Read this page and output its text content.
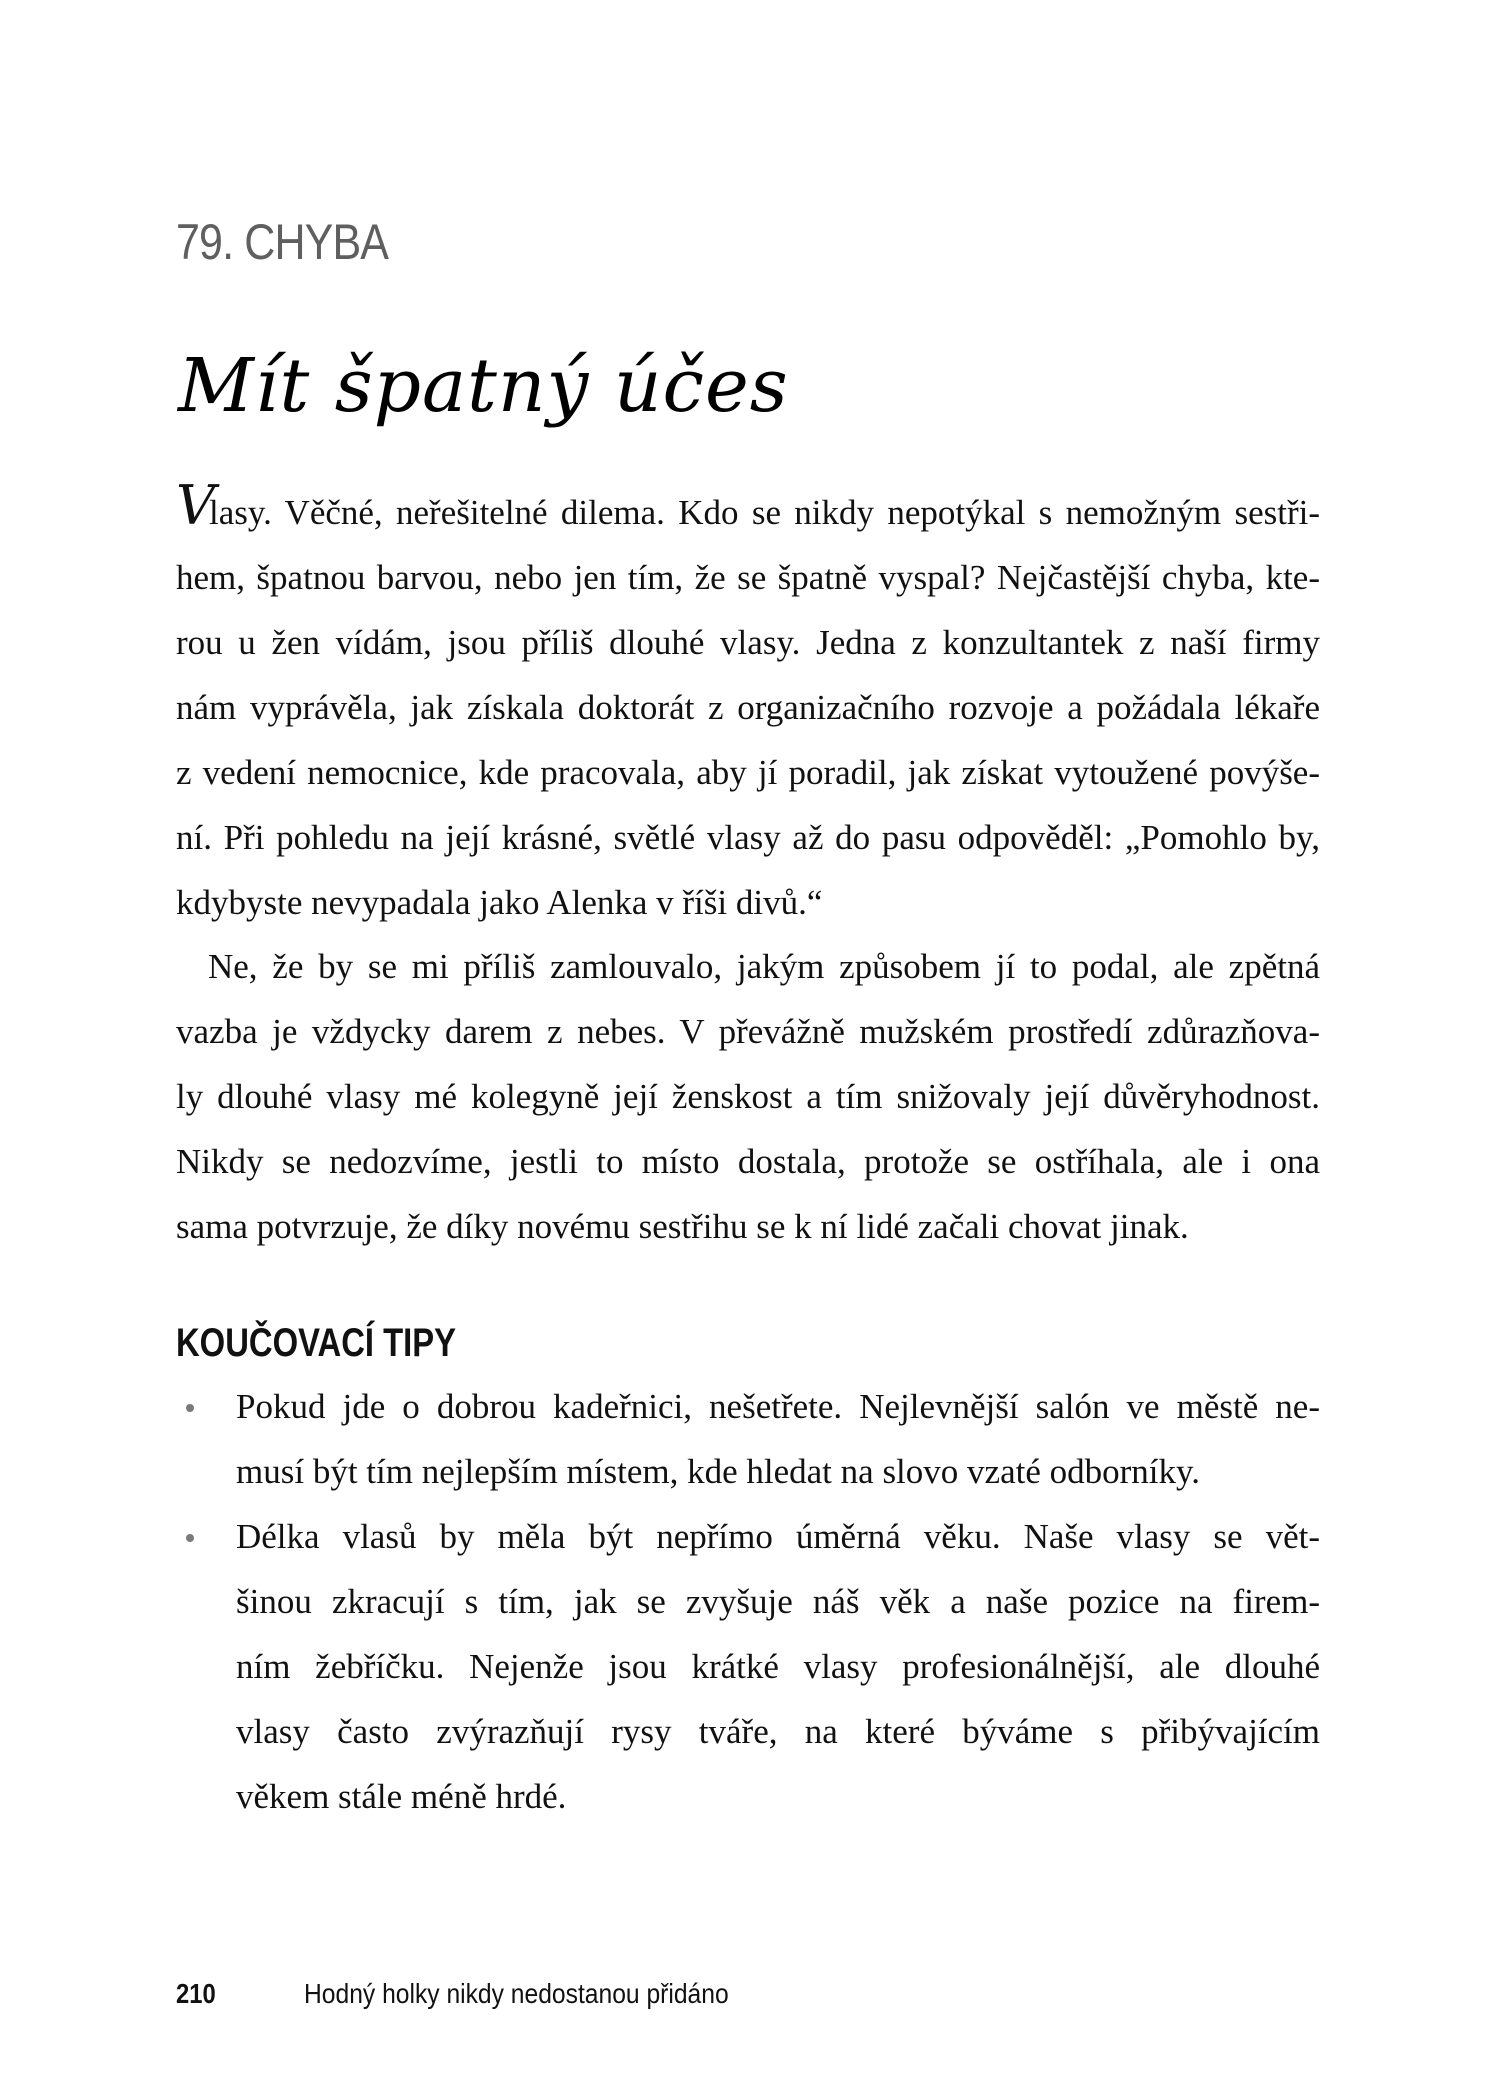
79. CHYBA
Mít špatný účes
Vlasy. Věčné, neřešitelné dilema. Kdo se nikdy nepotýkal s nemožným sestři-
hem, špatnou barvou, nebo jen tím, že se špatně vyspal? Nejčastější chyba, kte-
rou u žen vídám, jsou příliš dlouhé vlasy. Jedna z konzultantek z naší firmy
nám vyprávěla, jak získala doktorát z organizačního rozvoje a požádala lékaře
z vedení nemocnice, kde pracovala, aby jí poradil, jak získat vytoužené povýše-
ní. Při pohledu na její krásné, světlé vlasy až do pasu odpověděl: „Pomohlo by,
kdybyste nevypadala jako Alenka v říši divů.“
Ne, že by se mi příliš zamlouvalo, jakým způsobem jí to podal, ale zpětná
vazba je vždycky darem z nebes. V převážně mužském prostředí zdůrazňova-
ly dlouhé vlasy mé kolegyně její ženskost a tím snižovaly její důvěryhodnost.
Nikdy se nedozvíme, jestli to místo dostala, protože se ostříhala, ale i ona
sama potvrzuje, že díky novému sestřihu se k ní lidé začali chovat jinak.
KOUČOVACÍ TIPY
Pokud jde o dobrou kadeřnici, nešetřete. Nejlevnější salón ve městě ne-
musí být tím nejlepším místem, kde hledat na slovo vzaté odborníky.
Délka vlasů by měla být nepřímo úměrná věku. Naše vlasy se vět-
šinou zkracují s tím, jak se zvyšuje náš věk a naše pozice na firem-
ním žebříčku. Nejenže jsou krátké vlasy profesionálnější, ale dlouhé
vlasy často zvýrazňují rysy tváře, na které býváme s přibývajícím
věkem stále méně hrdé.
210	Hodný holky nikdy nedostanou přidáno
